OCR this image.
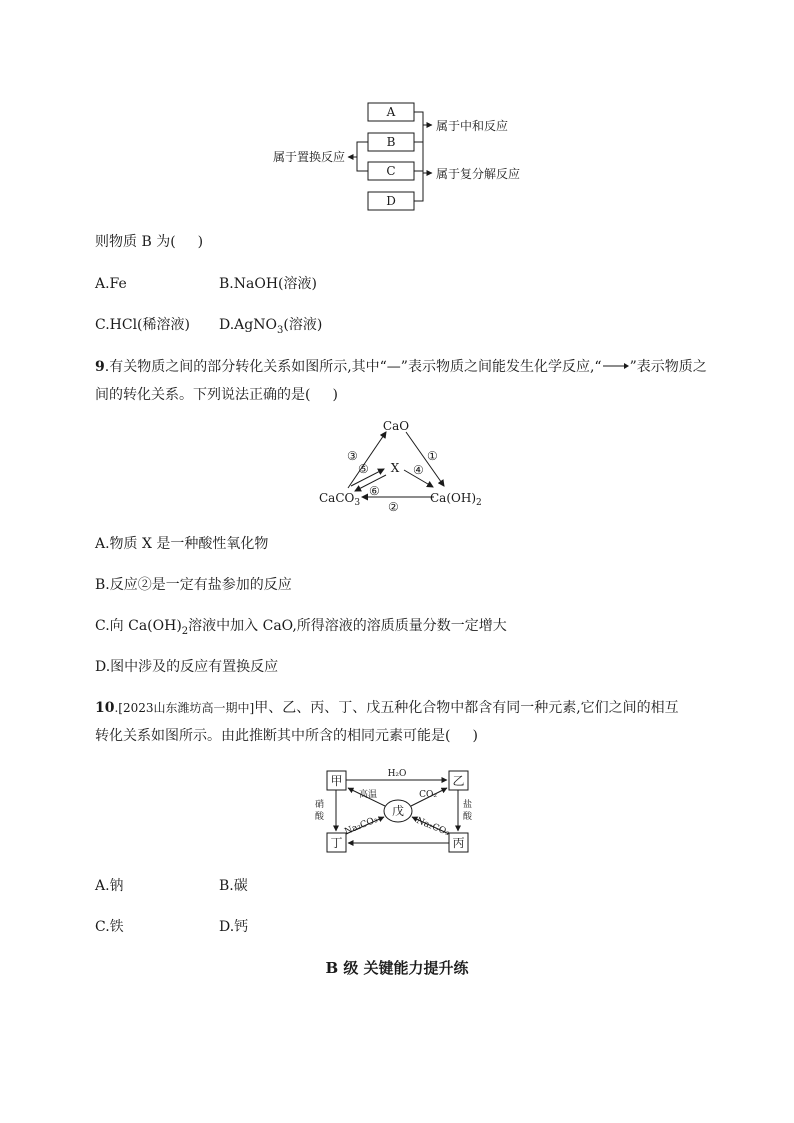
A
B
C
D
属于中和反应
属于置换反应
属于复分解反应
则物质 B 为( )
A.Fe	B.NaOH(溶液)
C.HCl(稀溶液) D.AgNO$_3$(溶液)
9.有关物质之间的部分转化关系如图所示,其中“—”表示物质之间能发生化学反应,“ ”表示物质之
间的转化关系。下列说法正确的是( )
CaO
X
CaCO$_3$	$Ca(OH)_2$
①
②
③
④
⑤
⑥
A.物质 X 是一种酸性氧化物
B.反应②是一定有盐参加的反应
C.向 $Ca(OH)_2$溶液中加入 CaO,所得溶液的溶质质量分数一定增大
D.图中涉及的反应有置换反应
10.[2023山东潍坊高一期中]甲、乙、丙、丁、戊五种化合物中都含有同一种元素,它们之间的相互
转化关系如图所示。由此推断其中所含的相同元素可能是( )
甲	乙
丁	丙
戊
H₂O
高温	CO₂
硝
酸
盐
酸
Na₂CO₃	Na₂CO₃
A.钠	B.碳
C.铁	D.钙
B 级 关键能力提升练
